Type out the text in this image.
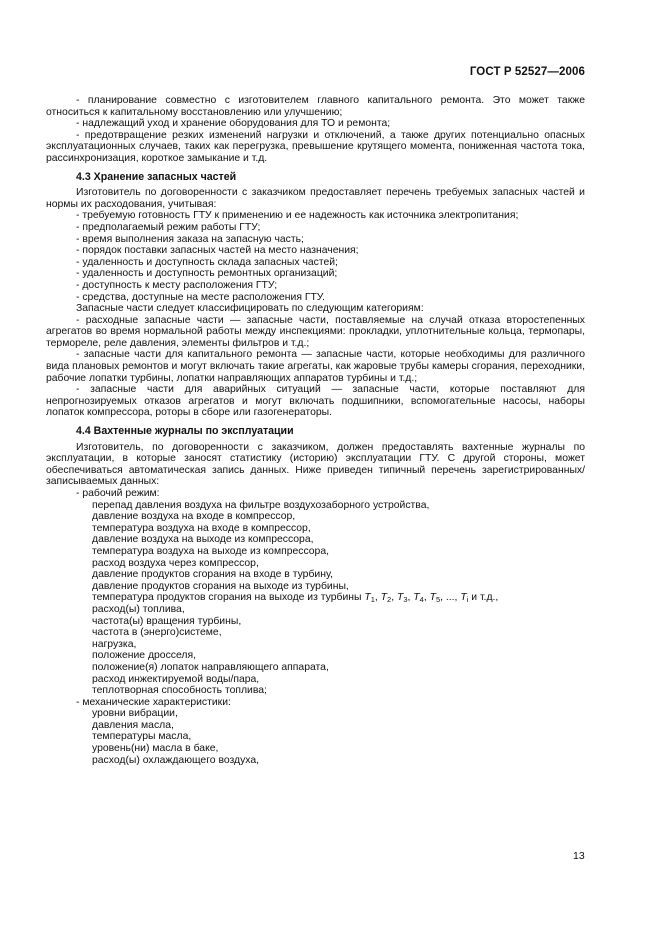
ГОСТ Р 52527—2006

- планирование совместно с изготовителем главного капитального ремонта. Это может также относиться к капитальному восстановлению или улучшению;

- надлежащий уход и хранение оборудования для ТО и ремонта;

- предотвращение резких изменений нагрузки и отключений, а также других потенциально опасных эксплуатационных случаев, таких как перегрузка, превышение крутящего момента, пониженная частота тока, рассинхронизация, короткое замыкание и т.д.

4.3 Хранение запасных частей

Изготовитель по договоренности с заказчиком предоставляет перечень требуемых запасных частей и нормы их расходования, учитывая:

- требуемую готовность ГТУ к применению и ее надежность как источника электропитания;

- предполагаемый режим работы ГТУ;

- время выполнения заказа на запасную часть;

- порядок поставки запасных частей на место назначения;

- удаленность и доступность склада запасных частей;

- удаленность и доступность ремонтных организаций;

- доступность к месту расположения ГТУ;

- средства, доступные на месте расположения ГТУ.

Запасные части следует классифицировать по следующим категориям:

- расходные запасные части — запасные части, поставляемые на случай отказа второстепенных агрегатов во время нормальной работы между инспекциями: прокладки, уплотнительные кольца, термопары, термореле, реле давления, элементы фильтров и т.д.;

- запасные части для капитального ремонта — запасные части, которые необходимы для различного вида плановых ремонтов и могут включать такие агрегаты, как жаровые трубы камеры сгорания, переходники, рабочие лопатки турбины, лопатки направляющих аппаратов турбины и т.д.;

- запасные части для аварийных ситуаций — запасные части, которые поставляют для непрогнозируемых отказов агрегатов и могут включать подшипники, вспомогательные насосы, наборы лопаток компрессора, роторы в сборе или газогенераторы.

4.4 Вахтенные журналы по эксплуатации

Изготовитель, по договоренности с заказчиком, должен предоставлять вахтенные журналы по эксплуатации, в которые заносят статистику (историю) эксплуатации ГТУ. С другой стороны, может обеспечиваться автоматическая запись данных. Ниже приведен типичный перечень зарегистрированных/записываемых данных:

- рабочий режим:

перепад давления воздуха на фильтре воздухозаборного устройства,

давление воздуха на входе в компрессор,

температура воздуха на входе в компрессор,

давление воздуха на выходе из компрессора,

температура воздуха на выходе из компрессора,

расход воздуха через компрессор,

давление продуктов сгорания на входе в турбину,

давление продуктов сгорания на выходе из турбины,

температура продуктов сгорания на выходе из турбины $T_1$, $T_2$, $T_3$, $T_4$, $T_5$, ..., $T_i$ и т.д.,

расход(ы) топлива,

частота(ы) вращения турбины,

частота в (энерго)системе,

нагрузка,

положение дросселя,

положение(я) лопаток направляющего аппарата,

расход инжектируемой воды/пара,

теплотворная способность топлива;

- механические характеристики:

уровни вибрации,

давления масла,

температуры масла,

уровень(ни) масла в баке,

расход(ы) охлаждающего воздуха,

13
